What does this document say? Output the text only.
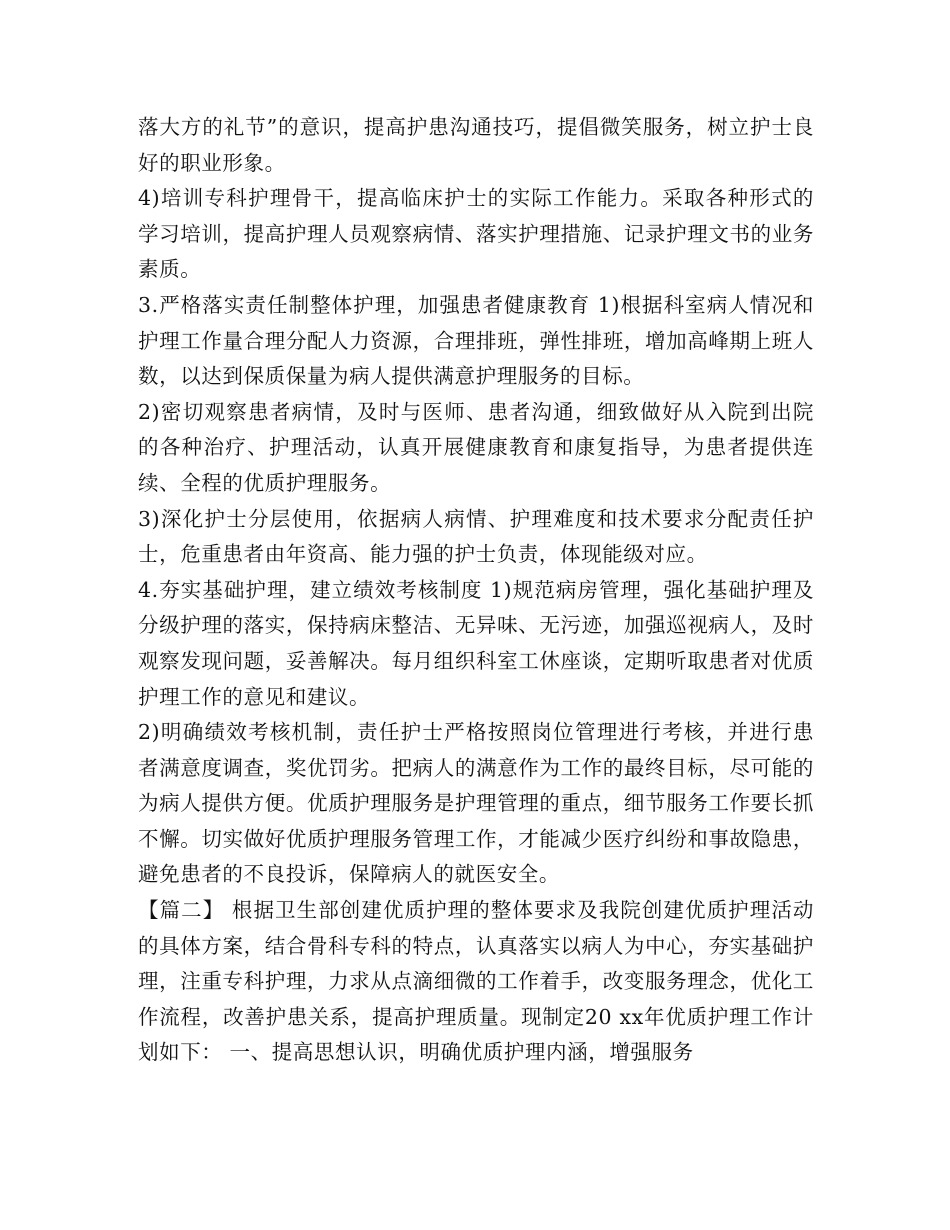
落大方的礼节”的意识，提高护患沟通技巧，提倡微笑服务，树立护士良好的职业形象。

4)培训专科护理骨干，提高临床护士的实际工作能力。采取各种形式的学习培训，提高护理人员观察病情、落实护理措施、记录护理文书的业务素质。

3.严格落实责任制整体护理，加强患者健康教育 1)根据科室病人情况和护理工作量合理分配人力资源，合理排班，弹性排班，增加高峰期上班人数，以达到保质保量为病人提供满意护理服务的目标。

2)密切观察患者病情，及时与医师、患者沟通，细致做好从入院到出院的各种治疗、护理活动，认真开展健康教育和康复指导，为患者提供连续、全程的优质护理服务。

3)深化护士分层使用，依据病人病情、护理难度和技术要求分配责任护士，危重患者由年资高、能力强的护士负责，体现能级对应。

4.夯实基础护理，建立绩效考核制度 1)规范病房管理，强化基础护理及分级护理的落实，保持病床整洁、无异味、无污迹，加强巡视病人，及时观察发现问题，妥善解决。每月组织科室工休座谈，定期听取患者对优质护理工作的意见和建议。

2)明确绩效考核机制，责任护士严格按照岗位管理进行考核，并进行患者满意度调查，奖优罚劣。把病人的满意作为工作的最终目标，尽可能的为病人提供方便。优质护理服务是护理管理的重点，细节服务工作要长抓不懈。切实做好优质护理服务管理工作，才能减少医疗纠纷和事故隐患，避免患者的不良投诉，保障病人的就医安全。

【篇二】 根据卫生部创建优质护理的整体要求及我院创建优质护理活动的具体方案，结合骨科专科的特点，认真落实以病人为中心，夯实基础护理，注重专科护理，力求从点滴细微的工作着手，改变服务理念，优化工作流程，改善护患关系，提高护理质量。现制定20 xx年优质护理工作计划如下： 一、提高思想认识，明确优质护理内涵，增强服务
